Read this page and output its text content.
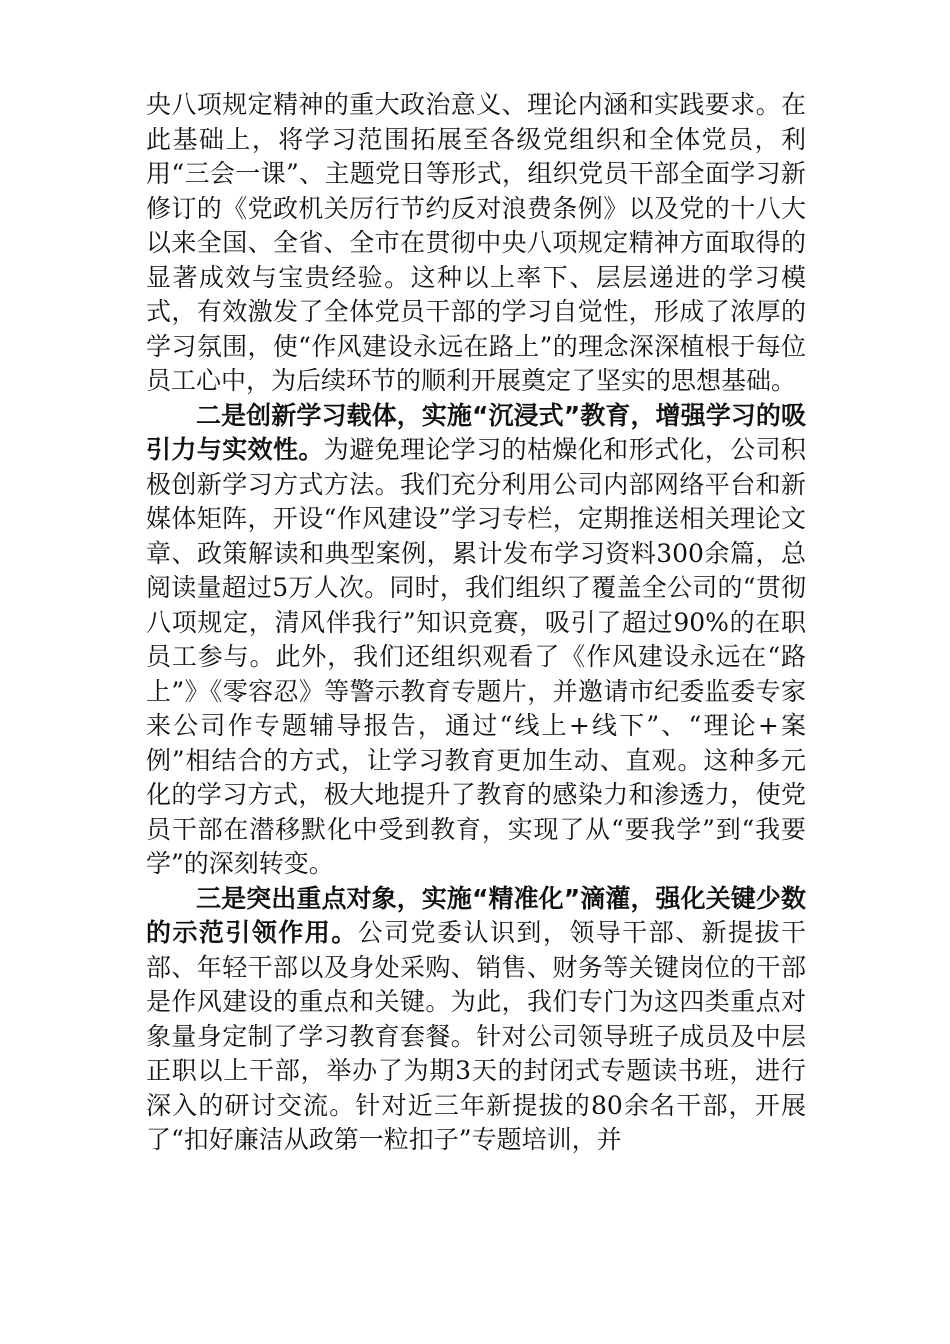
央八项规定精神的重大政治意义、理论内涵和实践要求。在此基础上，将学习范围拓展至各级党组织和全体党员，利用“三会一课”、主题党日等形式，组织党员干部全面学习新修订的《党政机关厉行节约反对浪费条例》以及党的十八大以来全国、全省、全市在贯彻中央八项规定精神方面取得的显著成效与宝贵经验。这种以上率下、层层递进的学习模式，有效激发了全体党员干部的学习自觉性，形成了浓厚的学习氛围，使“作风建设永远在路上”的理念深深植根于每位员工心中，为后续环节的顺利开展奠定了坚实的思想基础。

二是创新学习载体，实施“沉浸式”教育，增强学习的吸引力与实效性。为避免理论学习的枯燥化和形式化，公司积极创新学习方式方法。我们充分利用公司内部网络平台和新媒体矩阵，开设“作风建设”学习专栏，定期推送相关理论文章、政策解读和典型案例，累计发布学习资料300余篇，总阅读量超过5万人次。同时，我们组织了覆盖全公司的“贯彻八项规定，清风伴我行”知识竞赛，吸引了超过90%的在职员工参与。此外，我们还组织观看了《作风建设永远在“路上”》《零容忍》等警示教育专题片，并邀请市纪委监委专家来公司作专题辅导报告，通过“线上+线下”、“理论+案例”相结合的方式，让学习教育更加生动、直观。这种多元化的学习方式，极大地提升了教育的感染力和渗透力，使党员干部在潜移默化中受到教育，实现了从“要我学”到“我要学”的深刻转变。

三是突出重点对象，实施“精准化”滴灌，强化关键少数的示范引领作用。公司党委认识到，领导干部、新提拔干部、年轻干部以及身处采购、销售、财务等关键岗位的干部是作风建设的重点和关键。为此，我们专门为这四类重点对象量身定制了学习教育套餐。针对公司领导班子成员及中层正职以上干部，举办了为期3天的封闭式专题读书班，进行深入的研讨交流。针对近三年新提拔的80余名干部，开展了“扣好廉洁从政第一粒扣子”专题培训，并
